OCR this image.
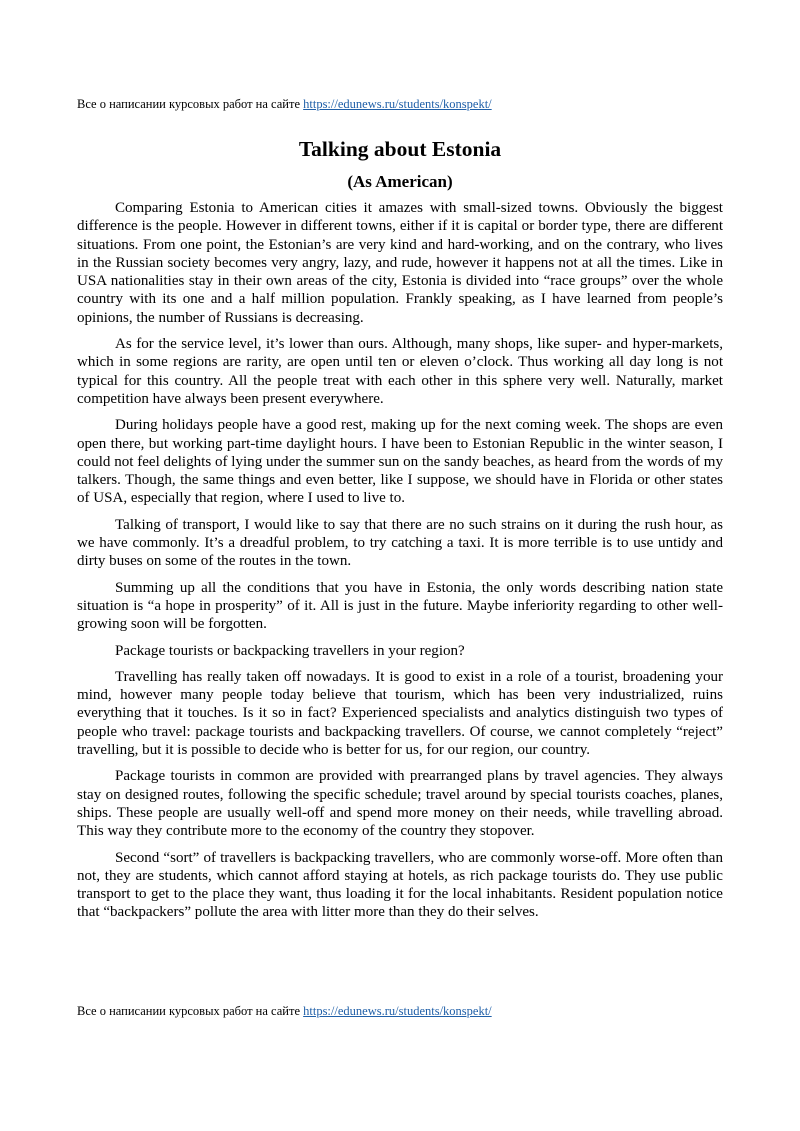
Все о написании курсовых работ на сайте https://edunews.ru/students/konspekt/
Talking about Estonia
(As American)

Comparing Estonia to American cities it amazes with small-sized towns. Obviously the biggest difference is the people. However in different towns, either if it is capital or border type, there are different situations. From one point, the Estonian’s are very kind and hard-working, and on the contrary, who lives in the Russian society becomes very angry, lazy, and rude, however it happens not at all the times. Like in USA nationalities stay in their own areas of the city, Estonia is divided into “race groups” over the whole country with its one and a half million population. Frankly speaking, as I have learned from people’s opinions, the number of Russians is decreasing.

As for the service level, it’s lower than ours. Although, many shops, like super- and hyper-markets, which in some regions are rarity, are open until ten or eleven o’clock. Thus working all day long is not typical for this country. All the people treat with each other in this sphere very well. Naturally, market competition have always been present everywhere.

During holidays people have a good rest, making up for the next coming week. The shops are even open there, but working part-time daylight hours. I have been to Estonian Republic in the winter season, I could not feel delights of lying under the summer sun on the sandy beaches, as heard from the words of my talkers. Though, the same things and even better, like I suppose, we should have in Florida or other states of USA, especially that region, where I used to live to.

Talking of transport, I would like to say that there are no such strains on it during the rush hour, as we have commonly. It’s a dreadful problem, to try catching a taxi. It is more terrible is to use untidy and dirty buses on some of the routes in the town.

Summing up all the conditions that you have in Estonia, the only words describing nation state situation is “a hope in prosperity” of it. All is just in the future. Maybe inferiority regarding to other well-growing soon will be forgotten.

Package tourists or backpacking travellers in your region?

Travelling has really taken off nowadays. It is good to exist in a role of a tourist, broadening your mind, however many people today believe that tourism, which has been very industrialized, ruins everything that it touches. Is it so in fact? Experienced specialists and analytics distinguish two types of people who travel: package tourists and backpacking travellers. Of course, we cannot completely “reject” travelling, but it is possible to decide who is better for us, for our region, our country.

Package tourists in common are provided with prearranged plans by travel agencies. They always stay on designed routes, following the specific schedule; travel around by special tourists coaches, planes, ships. These people are usually well-off and spend more money on their needs, while travelling abroad. This way they contribute more to the economy of the country they stopover.

Second “sort” of travellers is backpacking travellers, who are commonly worse-off. More often than not, they are students, which cannot afford staying at hotels, as rich package tourists do. They use public transport to get to the place they want, thus loading it for the local inhabitants. Resident population notice that “backpackers” pollute the area with litter more than they do their selves.

Все о написании курсовых работ на сайте https://edunews.ru/students/konspekt/
